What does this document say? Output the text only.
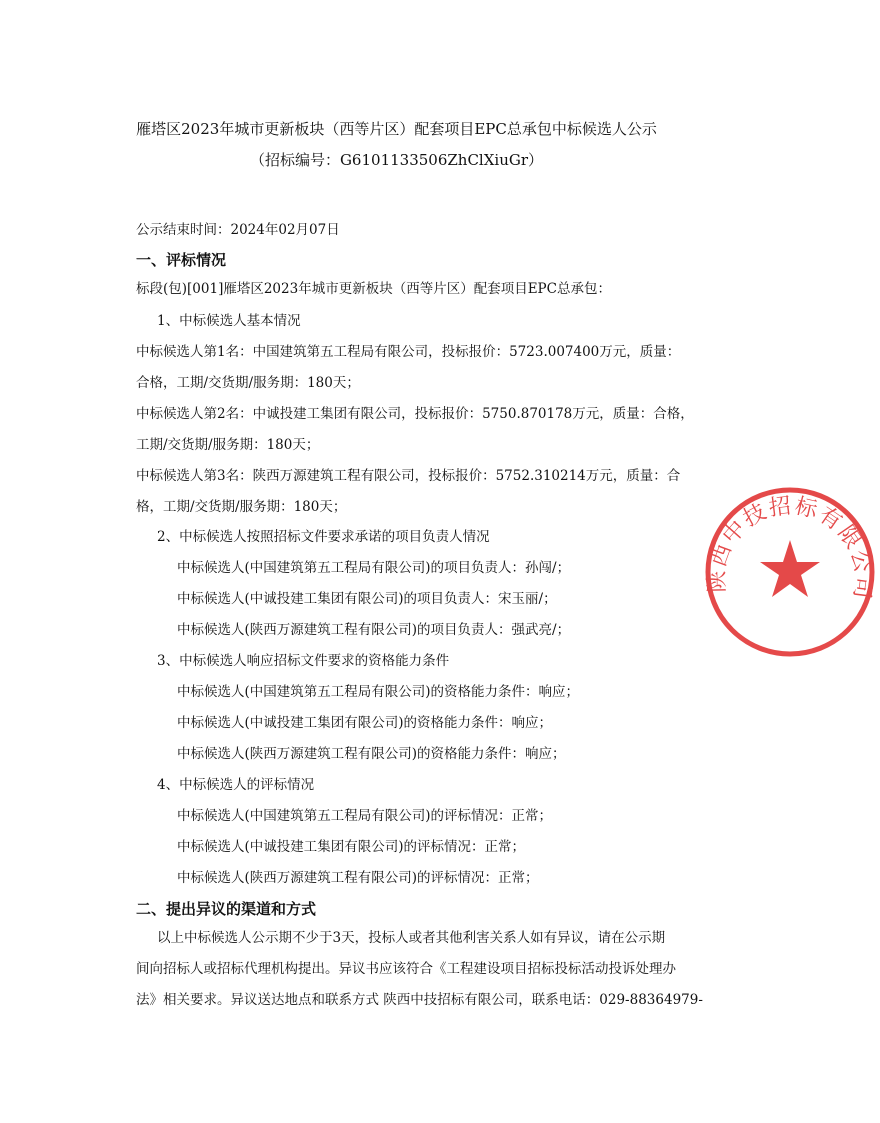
雁塔区2023年城市更新板块（西等片区）配套项目EPC总承包中标候选人公示
（招标编号：G6101133506ZhClXiuGr）
公示结束时间：2024年02月07日
一、评标情况
标段(包)[001]雁塔区2023年城市更新板块（西等片区）配套项目EPC总承包：
1、中标候选人基本情况
中标候选人第1名：中国建筑第五工程局有限公司，投标报价：5723.007400万元，质量：
合格，工期/交货期/服务期：180天；
中标候选人第2名：中诚投建工集团有限公司，投标报价：5750.870178万元，质量：合格，
工期/交货期/服务期：180天；
中标候选人第3名：陕西万源建筑工程有限公司，投标报价：5752.310214万元，质量：合
格，工期/交货期/服务期：180天；
2、中标候选人按照招标文件要求承诺的项目负责人情况
中标候选人(中国建筑第五工程局有限公司)的项目负责人：孙闯/；
中标候选人(中诚投建工集团有限公司)的项目负责人：宋玉丽/；
中标候选人(陕西万源建筑工程有限公司)的项目负责人：强武亮/；
3、中标候选人响应招标文件要求的资格能力条件
中标候选人(中国建筑第五工程局有限公司)的资格能力条件：响应；
中标候选人(中诚投建工集团有限公司)的资格能力条件：响应；
中标候选人(陕西万源建筑工程有限公司)的资格能力条件：响应；
4、中标候选人的评标情况
中标候选人(中国建筑第五工程局有限公司)的评标情况：正常；
中标候选人(中诚投建工集团有限公司)的评标情况：正常；
中标候选人(陕西万源建筑工程有限公司)的评标情况：正常；
二、提出异议的渠道和方式
以上中标候选人公示期不少于3天，投标人或者其他利害关系人如有异议，请在公示期
间向招标人或招标代理机构提出。异议书应该符合《工程建设项目招标投标活动投诉处理办
法》相关要求。异议送达地点和联系方式 陕西中技招标有限公司，联系电话：029-88364979-
陕西中技招标有限公司
